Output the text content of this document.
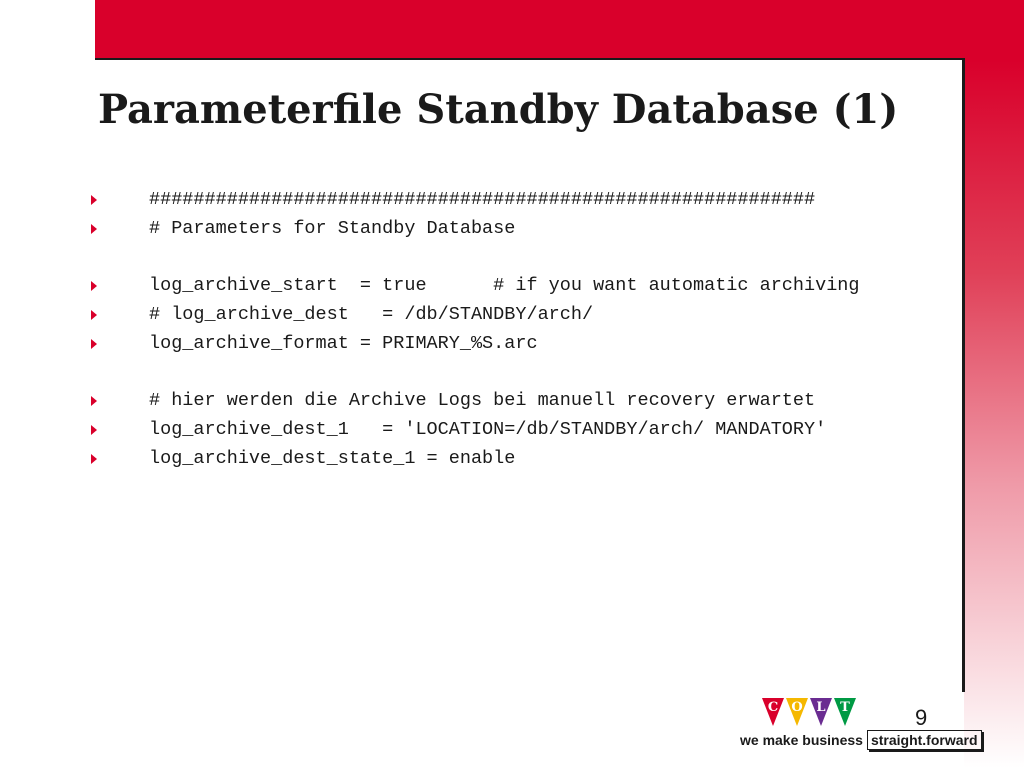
Parameterfile Standby Database (1)
############################################################
# Parameters for Standby Database
log_archive_start  = true      # if you want automatic archiving
# log_archive_dest   = /db/STANDBY/arch/
log_archive_format = PRIMARY_%S.arc
# hier werden die Archive Logs bei manuell recovery erwartet
log_archive_dest_1   = 'LOCATION=/db/STANDBY/arch/ MANDATORY'
log_archive_dest_state_1 = enable
9
C	O	L	T
we make business straight.forward
